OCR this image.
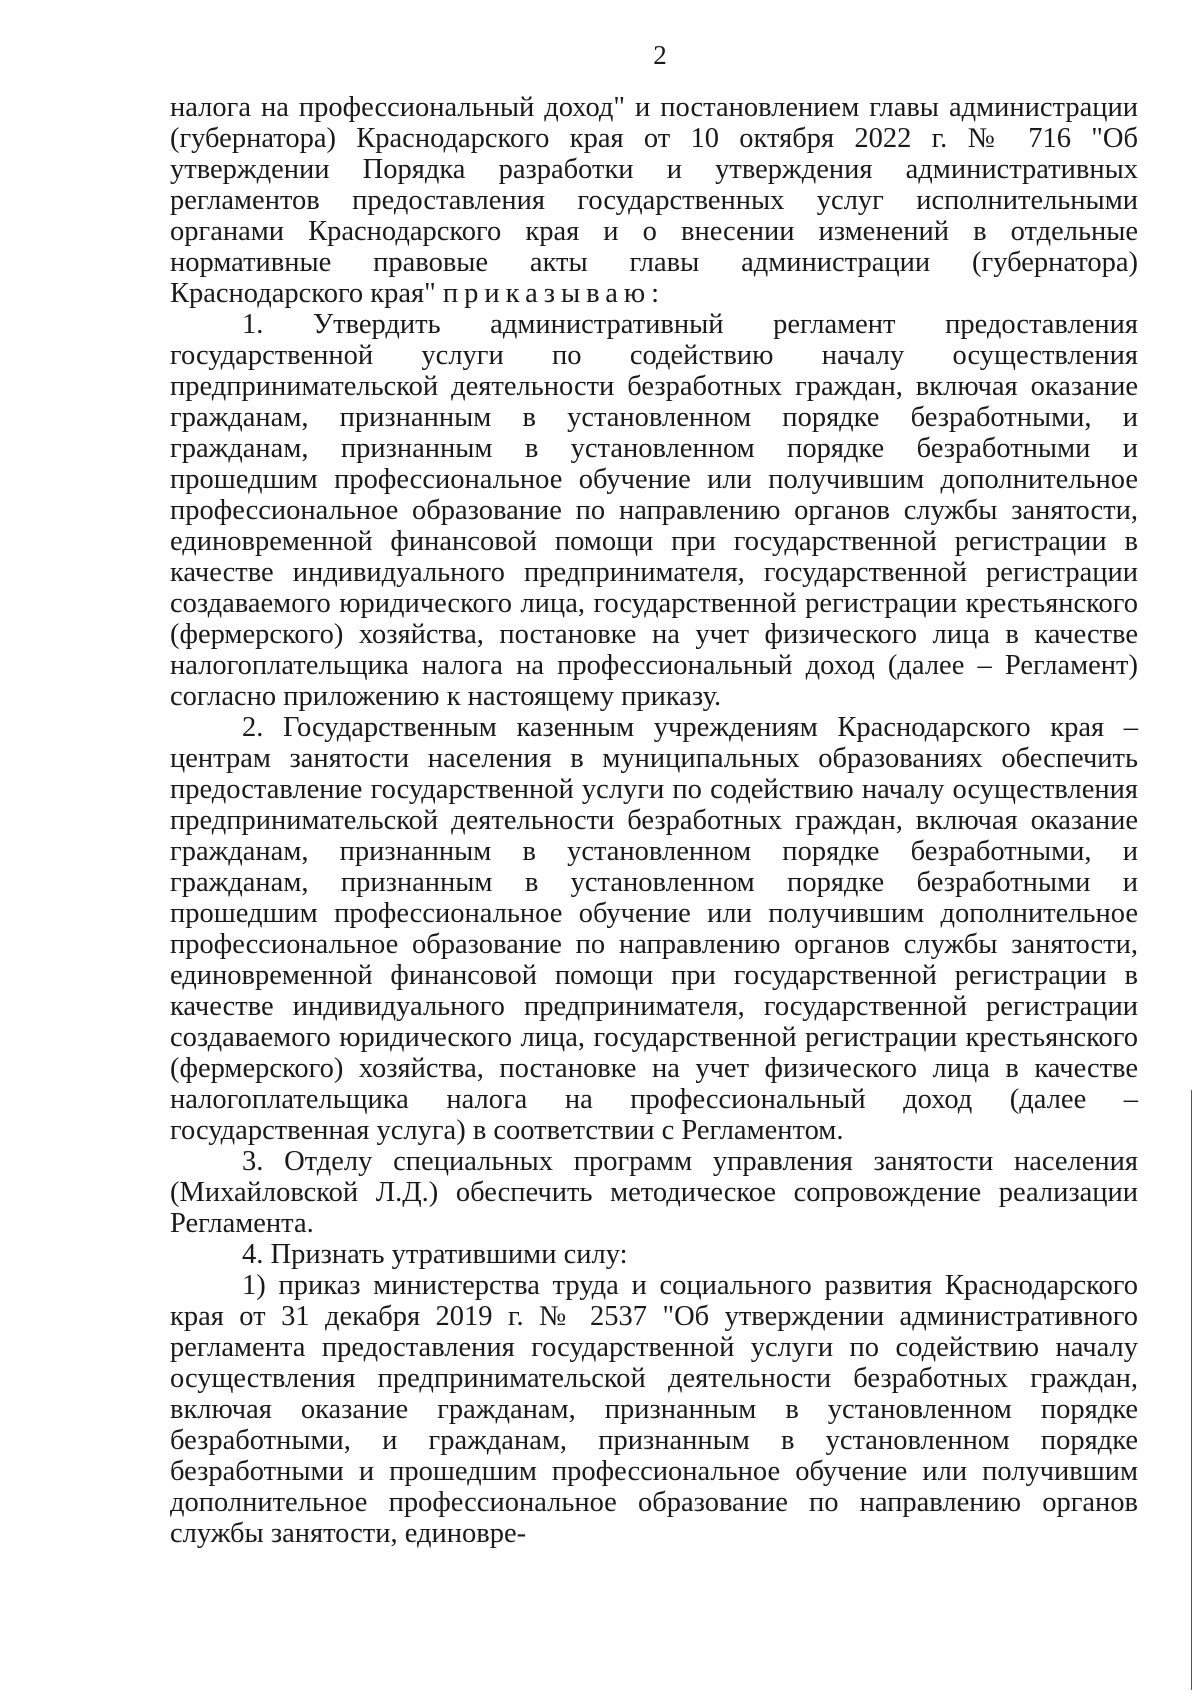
2

налога на профессиональный доход" и постановлением главы администрации (губернатора) Краснодарского края от 10 октября 2022 г. № 716 "Об утверждении Порядка разработки и утверждения административных регламентов предоставления государственных услуг исполнительными органами Краснодарского края и о внесении изменений в отдельные нормативные правовые акты главы администрации (губернатора) Краснодарского края" приказываю:

1. Утвердить административный регламент предоставления государственной услуги по содействию началу осуществления предпринимательской деятельности безработных граждан, включая оказание гражданам, признанным в установленном порядке безработными, и гражданам, признанным в установленном порядке безработными и прошедшим профессиональное обучение или получившим дополнительное профессиональное образование по направлению органов службы занятости, единовременной финансовой помощи при государственной регистрации в качестве индивидуального предпринимателя, государственной регистрации создаваемого юридического лица, государственной регистрации крестьянского (фермерского) хозяйства, постановке на учет физического лица в качестве налогоплательщика налога на профессиональный доход (далее – Регламент) согласно приложению к настоящему приказу.

2. Государственным казенным учреждениям Краснодарского края – центрам занятости населения в муниципальных образованиях обеспечить предоставление государственной услуги по содействию началу осуществления предпринимательской деятельности безработных граждан, включая оказание гражданам, признанным в установленном порядке безработными, и гражданам, признанным в установленном порядке безработными и прошедшим профессиональное обучение или получившим дополнительное профессиональное образование по направлению органов службы занятости, единовременной финансовой помощи при государственной регистрации в качестве индивидуального предпринимателя, государственной регистрации создаваемого юридического лица, государственной регистрации крестьянского (фермерского) хозяйства, постановке на учет физического лица в качестве налогоплательщика налога на профессиональный доход (далее – государственная услуга) в соответствии с Регламентом.

3. Отделу специальных программ управления занятости населения (Михайловской Л.Д.) обеспечить методическое сопровождение реализации Регламента.

4. Признать утратившими силу:

1) приказ министерства труда и социального развития Краснодарского края от 31 декабря 2019 г. № 2537 "Об утверждении административного регламента предоставления государственной услуги по содействию началу осуществления предпринимательской деятельности безработных граждан, включая оказание гражданам, признанным в установленном порядке безработными, и гражданам, признанным в установленном порядке безработными и прошедшим профессиональное обучение или получившим дополнительное профессиональное образование по направлению органов службы занятости, единовре-
